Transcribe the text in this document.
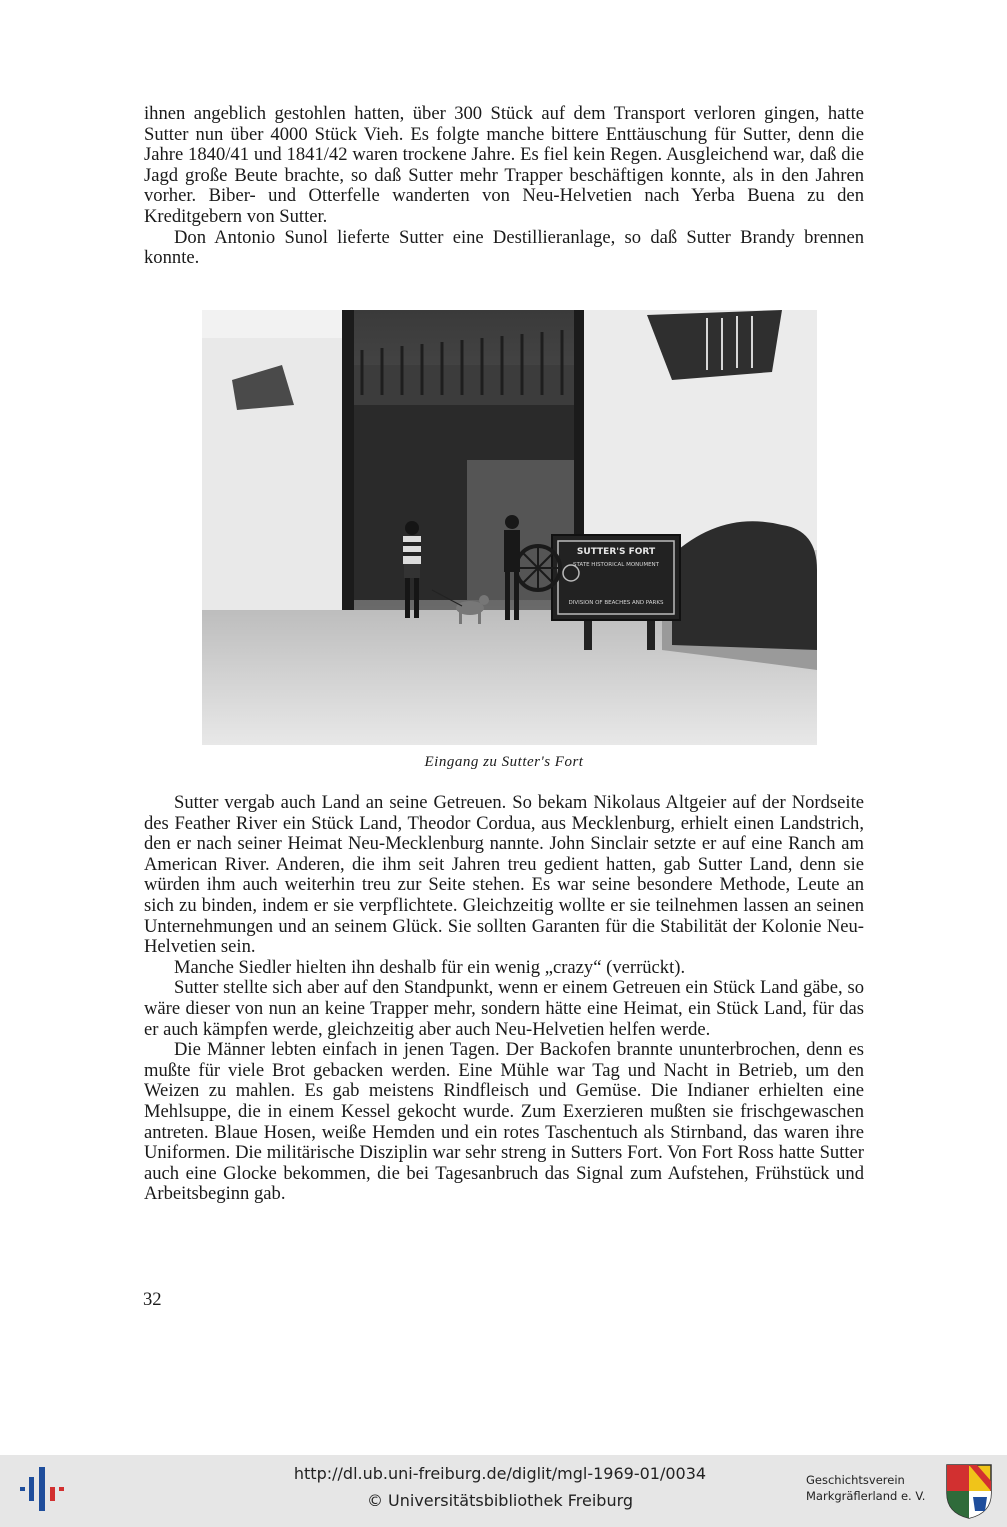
ihnen angeblich gestohlen hatten, über 300 Stück auf dem Transport verloren gingen, hatte Sutter nun über 4000 Stück Vieh. Es folgte manche bittere Enttäuschung für Sutter, denn die Jahre 1840/41 und 1841/42 waren trockene Jahre. Es fiel kein Regen. Ausgleichend war, daß die Jagd große Beute brachte, so daß Sutter mehr Trapper beschäftigen konnte, als in den Jahren vorher. Biber- und Otterfelle wanderten von Neu-Helvetien nach Yerba Buena zu den Kreditgebern von Sutter.

Don Antonio Sunol lieferte Sutter eine Destillieranlage, so daß Sutter Brandy brennen konnte.

SUTTER'S FORT
STATE HISTORICAL MONUMENT
DIVISION OF BEACHES AND PARKS
Eingang zu Sutter's Fort

Sutter vergab auch Land an seine Getreuen. So bekam Nikolaus Altgeier auf der Nordseite des Feather River ein Stück Land, Theodor Cordua, aus Mecklenburg, erhielt einen Landstrich, den er nach seiner Heimat Neu-Mecklenburg nannte. John Sinclair setzte er auf eine Ranch am American River. Anderen, die ihm seit Jahren treu gedient hatten, gab Sutter Land, denn sie würden ihm auch weiterhin treu zur Seite stehen. Es war seine besondere Methode, Leute an sich zu binden, indem er sie verpflichtete. Gleichzeitig wollte er sie teilnehmen lassen an seinen Unternehmungen und an seinem Glück. Sie sollten Garanten für die Stabilität der Kolonie Neu-Helvetien sein.

Manche Siedler hielten ihn deshalb für ein wenig „crazy“ (verrückt).

Sutter stellte sich aber auf den Standpunkt, wenn er einem Getreuen ein Stück Land gäbe, so wäre dieser von nun an keine Trapper mehr, sondern hätte eine Heimat, ein Stück Land, für das er auch kämpfen werde, gleichzeitig aber auch Neu-Helvetien helfen werde.

Die Männer lebten einfach in jenen Tagen. Der Backofen brannte ununterbrochen, denn es mußte für viele Brot gebacken werden. Eine Mühle war Tag und Nacht in Betrieb, um den Weizen zu mahlen. Es gab meistens Rindfleisch und Gemüse. Die Indianer erhielten eine Mehlsuppe, die in einem Kessel gekocht wurde. Zum Exerzieren mußten sie frischgewaschen antreten. Blaue Hosen, weiße Hemden und ein rotes Taschentuch als Stirnband, das waren ihre Uniformen. Die militärische Disziplin war sehr streng in Sutters Fort. Von Fort Ross hatte Sutter auch eine Glocke bekommen, die bei Tagesanbruch das Signal zum Aufstehen, Frühstück und Arbeitsbeginn gab.

32
http://dl.ub.uni-freiburg.de/diglit/mgl-1969-01/0034
© Universitätsbibliothek Freiburg
Geschichtsverein
Markgräflerland e. V.
